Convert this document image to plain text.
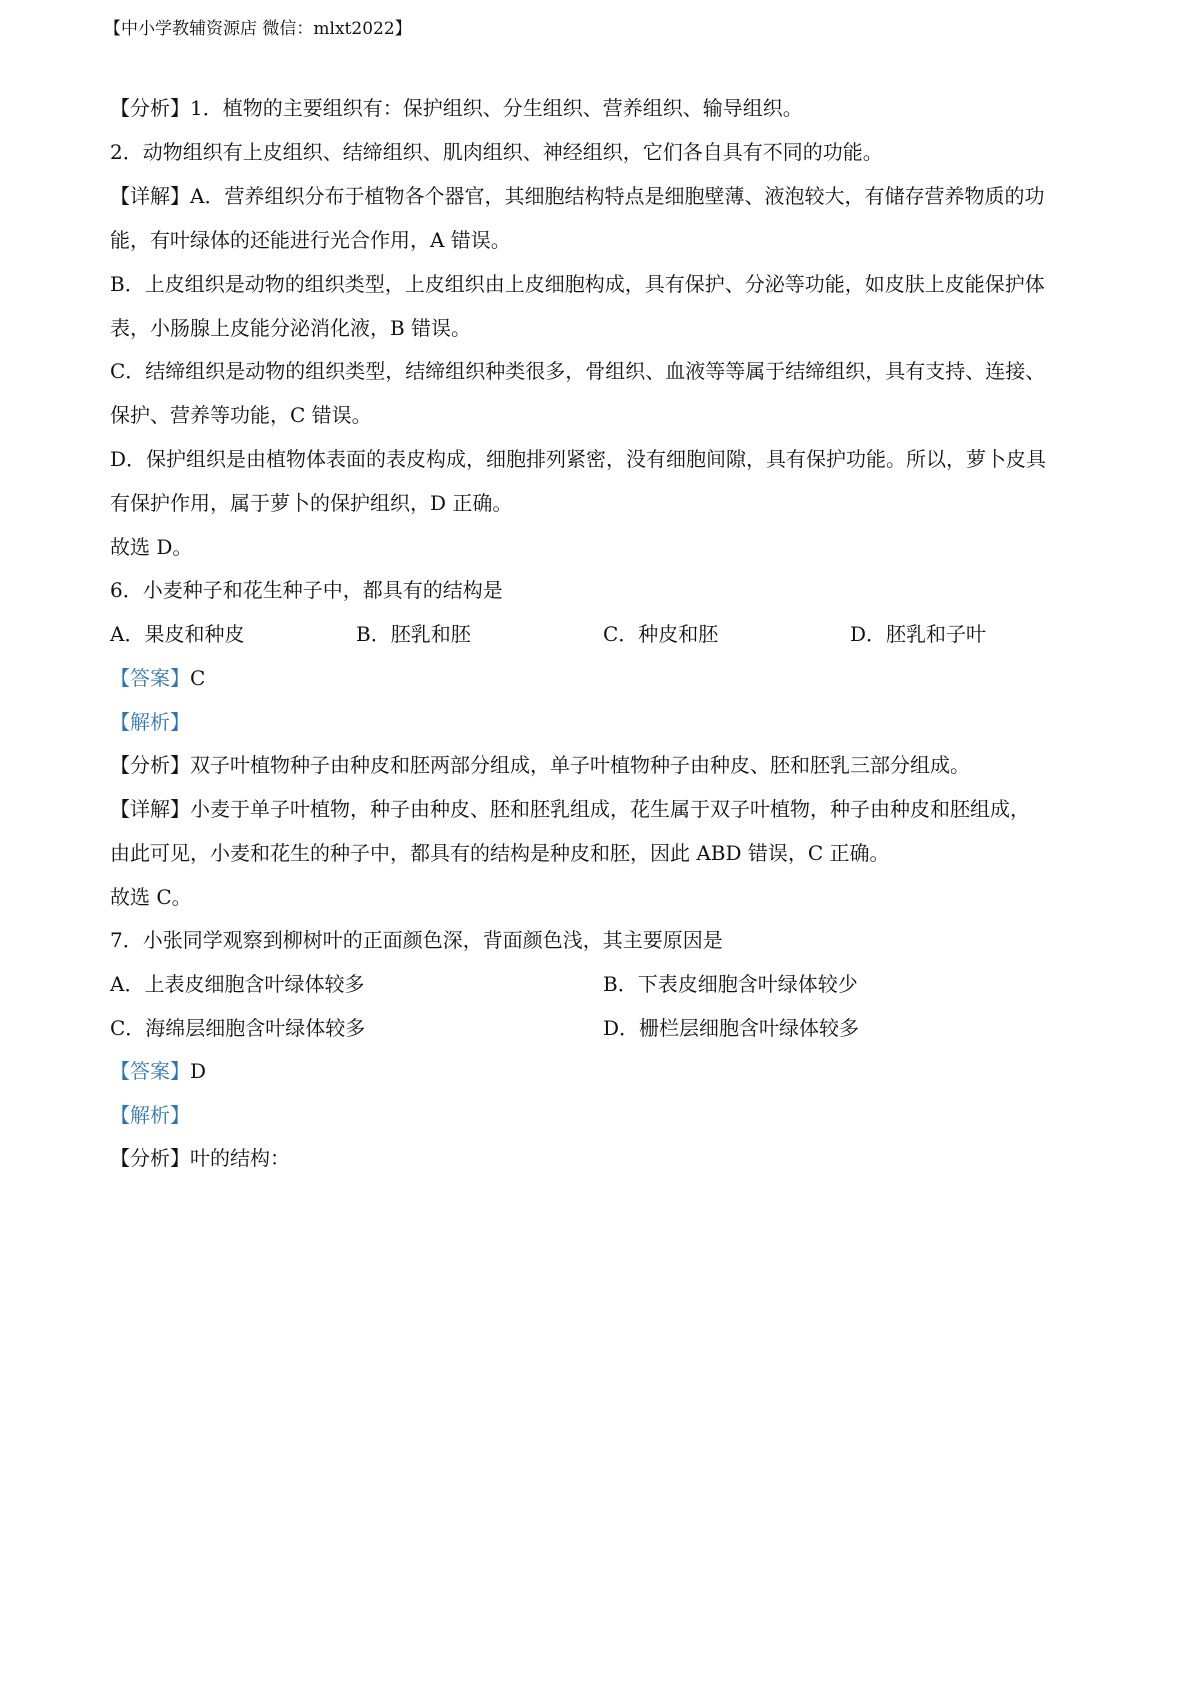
【中小学教辅资源店 微信：mlxt2022】
【分析】1．植物的主要组织有：保护组织、分生组织、营养组织、输导组织。
2．动物组织有上皮组织、结缔组织、肌肉组织、神经组织，它们各自具有不同的功能。
【详解】A．营养组织分布于植物各个器官，其细胞结构特点是细胞壁薄、液泡较大，有储存营养物质的功
能，有叶绿体的还能进行光合作用，A 错误。
B．上皮组织是动物的组织类型，上皮组织由上皮细胞构成，具有保护、分泌等功能，如皮肤上皮能保护体
表，小肠腺上皮能分泌消化液，B 错误。
C．结缔组织是动物的组织类型，结缔组织种类很多，骨组织、血液等等属于结缔组织，具有支持、连接、
保护、营养等功能，C 错误。
D．保护组织是由植物体表面的表皮构成，细胞排列紧密，没有细胞间隙，具有保护功能。所以，萝卜皮具
有保护作用，属于萝卜的保护组织，D 正确。
故选 D。
6．小麦种子和花生种子中，都具有的结构是
A．果皮和种皮	B．胚乳和胚	C．种皮和胚	D．胚乳和子叶
【答案】C
【解析】
【分析】双子叶植物种子由种皮和胚两部分组成，单子叶植物种子由种皮、胚和胚乳三部分组成。
【详解】小麦于单子叶植物，种子由种皮、胚和胚乳组成，花生属于双子叶植物，种子由种皮和胚组成，
由此可见，小麦和花生的种子中，都具有的结构是种皮和胚，因此 ABD 错误，C 正确。
故选 C。
7．小张同学观察到柳树叶的正面颜色深，背面颜色浅，其主要原因是
A．上表皮细胞含叶绿体较多	B．下表皮细胞含叶绿体较少
C．海绵层细胞含叶绿体较多	D．栅栏层细胞含叶绿体较多
【答案】D
【解析】
【分析】叶的结构：
